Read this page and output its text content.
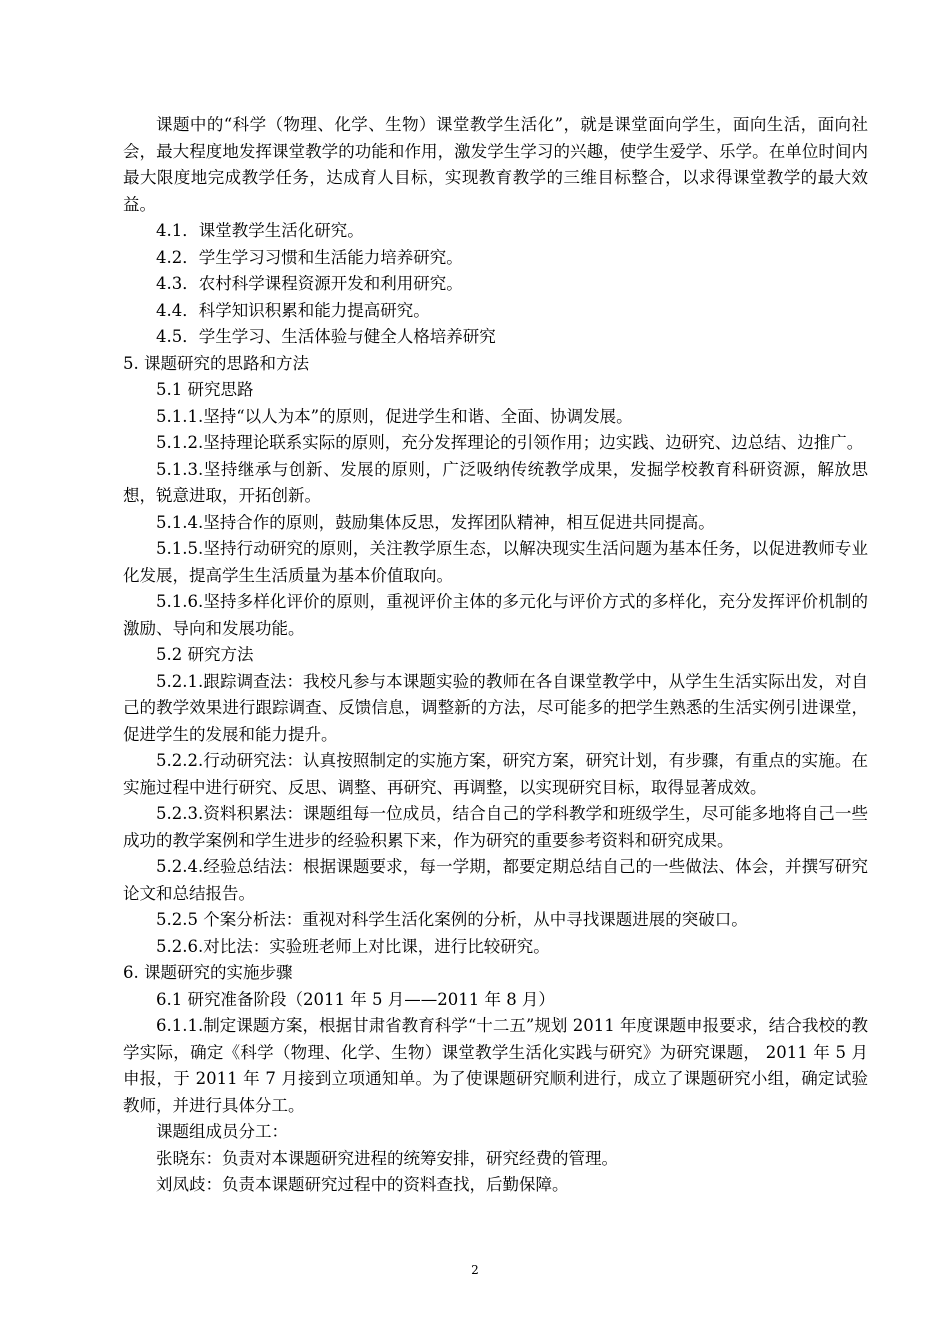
课题中的“科学（物理、化学、生物）课堂教学生活化”，就是课堂面向学生，面向生活，面向社会，最大程度地发挥课堂教学的功能和作用，激发学生学习的兴趣，使学生爱学、乐学。在单位时间内最大限度地完成教学任务，达成育人目标，实现教育教学的三维目标整合，以求得课堂教学的最大效益。

4.1．课堂教学生活化研究。

4.2．学生学习习惯和生活能力培养研究。

4.3．农村科学课程资源开发和利用研究。

4.4．科学知识积累和能力提高研究。

4.5．学生学习、生活体验与健全人格培养研究

5. 课题研究的思路和方法

5.1 研究思路

5.1.1.坚持“以人为本”的原则，促进学生和谐、全面、协调发展。

5.1.2.坚持理论联系实际的原则，充分发挥理论的引领作用；边实践、边研究、边总结、边推广。

5.1.3.坚持继承与创新、发展的原则，广泛吸纳传统教学成果，发掘学校教育科研资源，解放思想，锐意进取，开拓创新。

5.1.4.坚持合作的原则，鼓励集体反思，发挥团队精神，相互促进共同提高。

5.1.5.坚持行动研究的原则，关注教学原生态，以解决现实生活问题为基本任务，以促进教师专业化发展，提高学生生活质量为基本价值取向。

5.1.6.坚持多样化评价的原则，重视评价主体的多元化与评价方式的多样化，充分发挥评价机制的激励、导向和发展功能。

5.2 研究方法

5.2.1.跟踪调查法：我校凡参与本课题实验的教师在各自课堂教学中，从学生生活实际出发，对自己的教学效果进行跟踪调查、反馈信息，调整新的方法，尽可能多的把学生熟悉的生活实例引进课堂，促进学生的发展和能力提升。

5.2.2.行动研究法：认真按照制定的实施方案，研究方案，研究计划，有步骤，有重点的实施。在实施过程中进行研究、反思、调整、再研究、再调整，以实现研究目标，取得显著成效。

5.2.3.资料积累法：课题组每一位成员，结合自己的学科教学和班级学生，尽可能多地将自己一些成功的教学案例和学生进步的经验积累下来，作为研究的重要参考资料和研究成果。

5.2.4.经验总结法：根据课题要求，每一学期，都要定期总结自己的一些做法、体会，并撰写研究论文和总结报告。

5.2.5 个案分析法：重视对科学生活化案例的分析，从中寻找课题进展的突破口。

5.2.6.对比法：实验班老师上对比课，进行比较研究。

6. 课题研究的实施步骤

6.1 研究准备阶段（2011 年 5 月——2011 年 8 月）

6.1.1.制定课题方案，根据甘肃省教育科学“十二五”规划 2011 年度课题申报要求，结合我校的教学实际，确定《科学（物理、化学、生物）课堂教学生活化实践与研究》为研究课题， 2011 年 5 月申报，于 2011 年 7 月接到立项通知单。为了使课题研究顺利进行，成立了课题研究小组，确定试验教师，并进行具体分工。

课题组成员分工：

张晓东：负责对本课题研究进程的统筹安排，研究经费的管理。

刘凤歧：负责本课题研究过程中的资料查找，后勤保障。

2
